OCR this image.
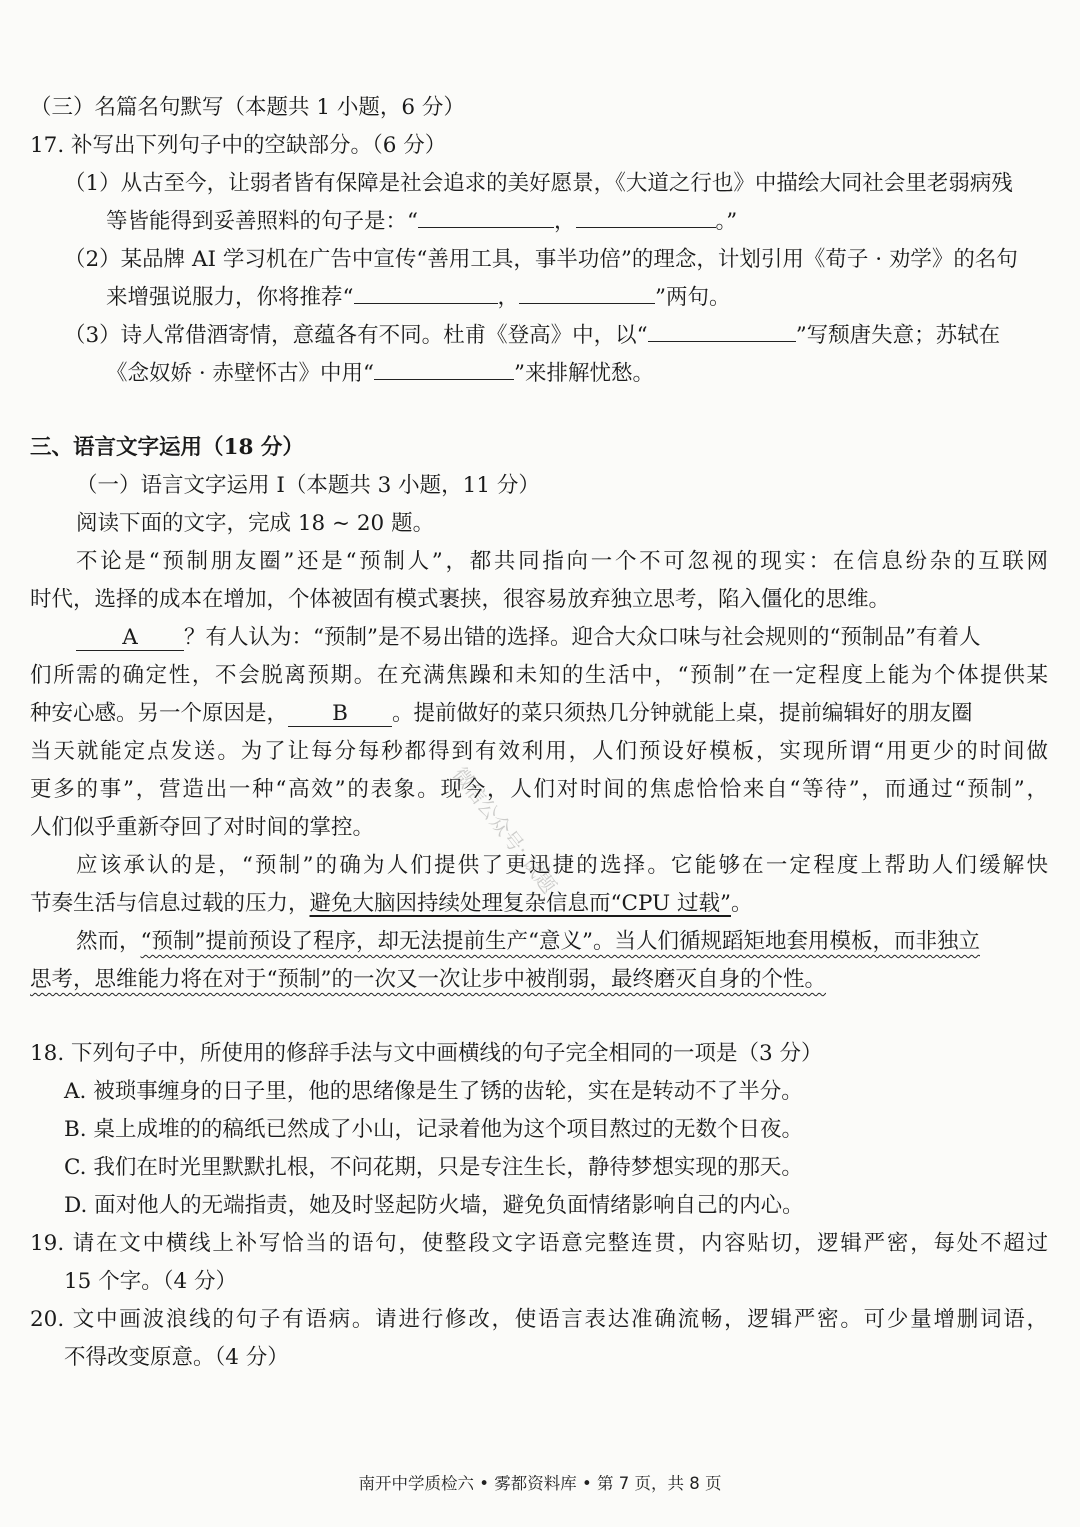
（三）名篇名句默写（本题共 1 小题，6 分）
17. 补写出下列句子中的空缺部分。（6 分）
（1）从古至今，让弱者皆有保障是社会追求的美好愿景，《大道之行也》中描绘大同社会里老弱病残
等皆能得到妥善照料的句子是：“	，	。”
（2）某品牌 AI 学习机在广告中宣传“善用工具，事半功倍”的理念，计划引用《荀子 · 劝学》的名句
来增强说服力，你将推荐“	，	”两句。
（3）诗人常借酒寄情，意蕴各有不同。杜甫《登高》中，以“	”写颓唐失意；苏轼在
《念奴娇 · 赤壁怀古》中用“	”来排解忧愁。
三、语言文字运用（18 分）
（一）语言文字运用 I（本题共 3 小题，11 分）
阅读下面的文字，完成 18 ~ 20 题。
不论是“预制朋友圈”还是“预制人”，都共同指向一个不可忽视的现实：在信息纷杂的互联网
时代，选择的成本在增加，个体被固有模式裹挟，很容易放弃独立思考，陷入僵化的思维。
A ？有人认为：“预制”是不易出错的选择。迎合大众口味与社会规则的“预制品”有着人
们所需的确定性，不会脱离预期。在充满焦躁和未知的生活中，“预制”在一定程度上能为个体提供某
种安心感。另一个原因是， B 。提前做好的菜只须热几分钟就能上桌，提前编辑好的朋友圈
当天就能定点发送。为了让每分每秒都得到有效利用，人们预设好模板，实现所谓“用更少的时间做
更多的事”，营造出一种“高效”的表象。现今，人们对时间的焦虑恰恰来自“等待”，而通过“预制”，
人们似乎重新夺回了对时间的掌控。
应该承认的是，“预制”的确为人们提供了更迅捷的选择。它能够在一定程度上帮助人们缓解快
节奏生活与信息过载的压力，避免大脑因持续处理复杂信息而“CPU 过载”。
然而，“预制”提前预设了程序，却无法提前生产“意义”。当人们循规蹈矩地套用模板，而非独立
思考，思维能力将在对于“预制”的一次又一次让步中被削弱，最终磨灭自身的个性。
18. 下列句子中，所使用的修辞手法与文中画横线的句子完全相同的一项是（3 分）
A. 被琐事缠身的日子里，他的思绪像是生了锈的齿轮，实在是转动不了半分。
B. 桌上成堆的的稿纸已然成了小山，记录着他为这个项目熬过的无数个日夜。
C. 我们在时光里默默扎根，不问花期，只是专注生长，静待梦想实现的那天。
D. 面对他人的无端指责，她及时竖起防火墙，避免负面情绪影响自己的内心。
19. 请在文中横线上补写恰当的语句，使整段文字语意完整连贯，内容贴切，逻辑严密，每处不超过
15 个字。（4 分）
20. 文中画波浪线的句子有语病。请进行修改，使语言表达准确流畅，逻辑严密。可少量增删词语，
不得改变原意。（4 分）
微信公众号: 试题
南开中学质检六 • 雾都资料库 • 第 7 页，共 8 页
